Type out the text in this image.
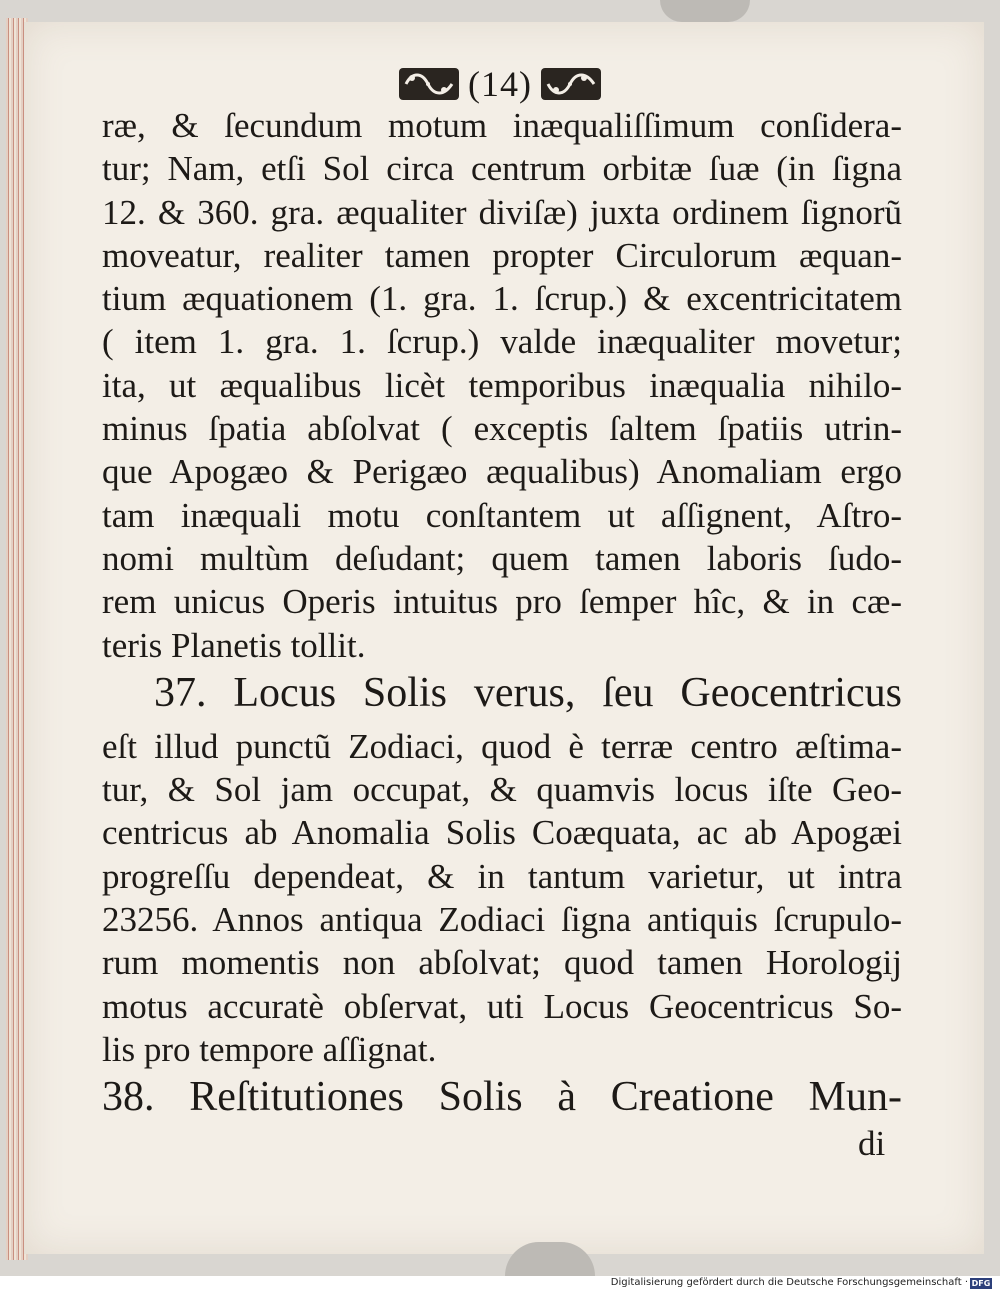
(14)
ræ, & ſecundum motum inæqualiſſimum conſidera-
tur; Nam, etſi Sol circa centrum orbitæ ſuæ (in ſigna
12. & 360. gra. æqualiter diviſæ) juxta ordinem ſignorũ
moveatur, realiter tamen propter Circulorum æquan-
tium æquationem (1. gra. 1. ſcrup.) & excentricitatem
( item 1. gra. 1. ſcrup.) valde inæqualiter movetur;
ita, ut æqualibus licèt temporibus inæqualia nihilo-
minus ſpatia abſolvat ( exceptis ſaltem ſpatiis utrin-
que Apogæo & Perigæo æqualibus) Anomaliam ergo
tam inæquali motu conſtantem ut aſſignent, Aſtro-
nomi multùm deſudant; quem tamen laboris ſudo-
rem unicus Operis intuitus pro ſemper hîc, & in cæ-
teris Planetis tollit.
37. Locus Solis verus, ſeu Geocentricus
eſt illud punctũ Zodiaci, quod è terræ centro æſtima-
tur, & Sol jam occupat, & quamvis locus iſte Geo-
centricus ab Anomalia Solis Coæquata, ac ab Apogæi
progreſſu dependeat, & in tantum varietur, ut intra
23256. Annos antiqua Zodiaci ſigna antiquis ſcrupulo-
rum momentis non abſolvat; quod tamen Horologij
motus accuratè obſervat, uti Locus Geocentricus So-
lis pro tempore aſſignat.
38. Reſtitutiones Solis à Creatione Mun-
di
Digitalisierung gefördert durch die Deutsche Forschungsgemeinschaft · DFG
